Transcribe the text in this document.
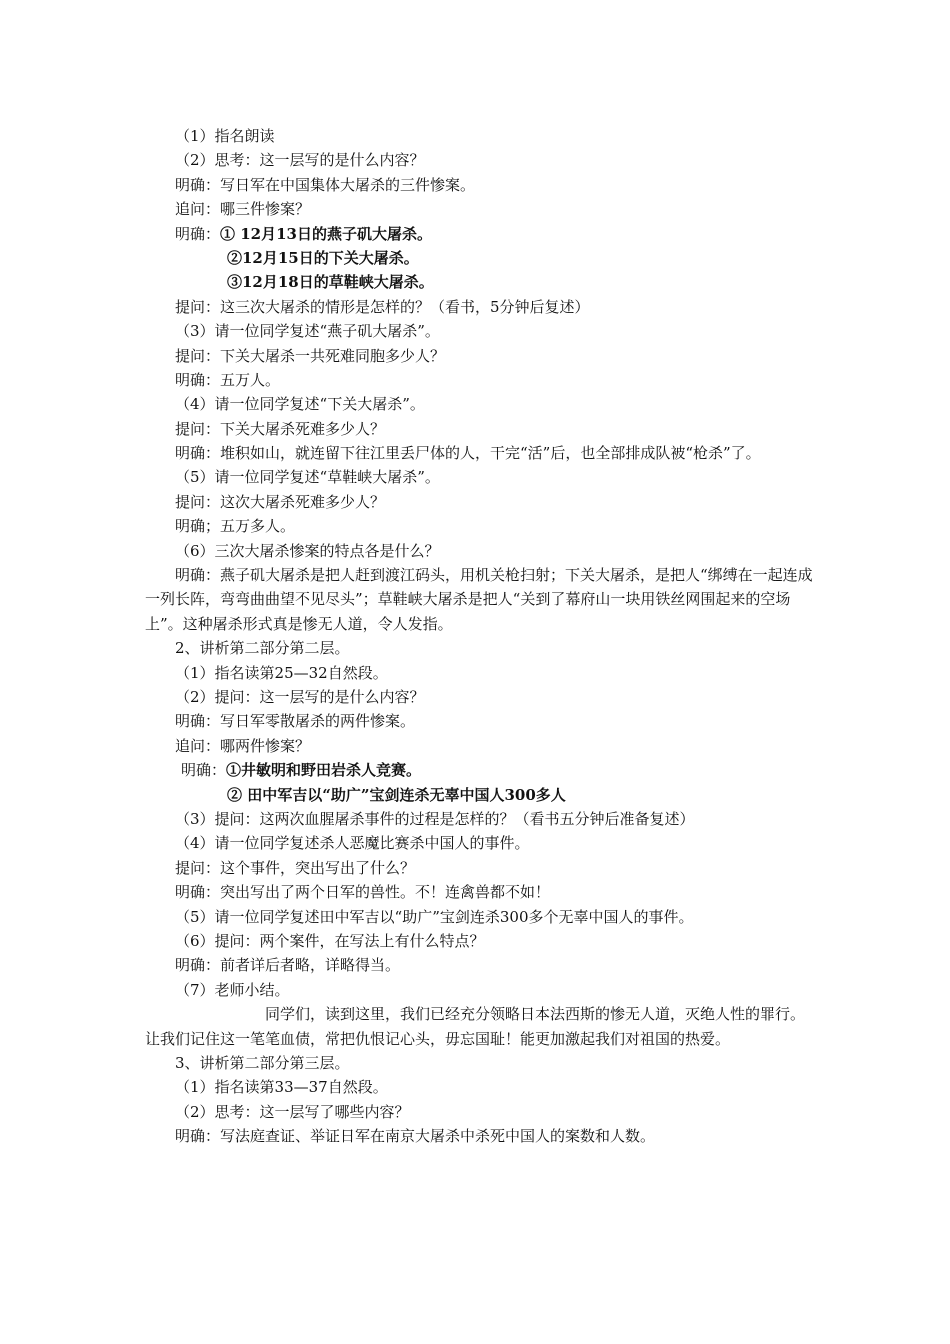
（1）指名朗读
（2）思考：这一层写的是什么内容？
明确：写日军在中国集体大屠杀的三件惨案。
追问：哪三件惨案？
明确：① 12月13日的燕子矶大屠杀。
②12月15日的下关大屠杀。
③12月18日的草鞋峡大屠杀。
提问：这三次大屠杀的情形是怎样的？（看书，5分钟后复述）
（3）请一位同学复述“燕子矶大屠杀”。
提问：下关大屠杀一共死难同胞多少人？
明确：五万人。
（4）请一位同学复述“下关大屠杀”。
提问：下关大屠杀死难多少人？
明确：堆积如山，就连留下往江里丢尸体的人，干完“活”后，也全部排成队被“枪杀”了。
（5）请一位同学复述“草鞋峡大屠杀”。
提问：这次大屠杀死难多少人？
明确；五万多人。
（6）三次大屠杀惨案的特点各是什么？
明确：燕子矶大屠杀是把人赶到渡江码头，用机关枪扫射；下关大屠杀，是把人“绑缚在一起连成一列长阵，弯弯曲曲望不见尽头”；草鞋峡大屠杀是把人“关到了幕府山一块用铁丝网围起来的空场上”。这种屠杀形式真是惨无人道，令人发指。
2、讲析第二部分第二层。
（1）指名读第25—32自然段。
（2）提问：这一层写的是什么内容？
明确：写日军零散屠杀的两件惨案。
追问：哪两件惨案？
明确：①井敏明和野田岩杀人竞赛。
② 田中军吉以“助广”宝剑连杀无辜中国人300多人
（3）提问：这两次血腥屠杀事件的过程是怎样的？（看书五分钟后准备复述）
（4）请一位同学复述杀人恶魔比赛杀中国人的事件。
提问：这个事件，突出写出了什么？
明确：突出写出了两个日军的兽性。不！连禽兽都不如！
（5）请一位同学复述田中军吉以“助广”宝剑连杀300多个无辜中国人的事件。
（6）提问：两个案件，在写法上有什么特点？
明确：前者详后者略，详略得当。
（7）老师小结。
同学们，读到这里，我们已经充分领略日本法西斯的惨无人道，灭绝人性的罪行。让我们记住这一笔笔血债，常把仇恨记心头，毋忘国耻！能更加激起我们对祖国的热爱。
3、讲析第二部分第三层。
（1）指名读第33—37自然段。
（2）思考：这一层写了哪些内容？
明确：写法庭查证、举证日军在南京大屠杀中杀死中国人的案数和人数。
